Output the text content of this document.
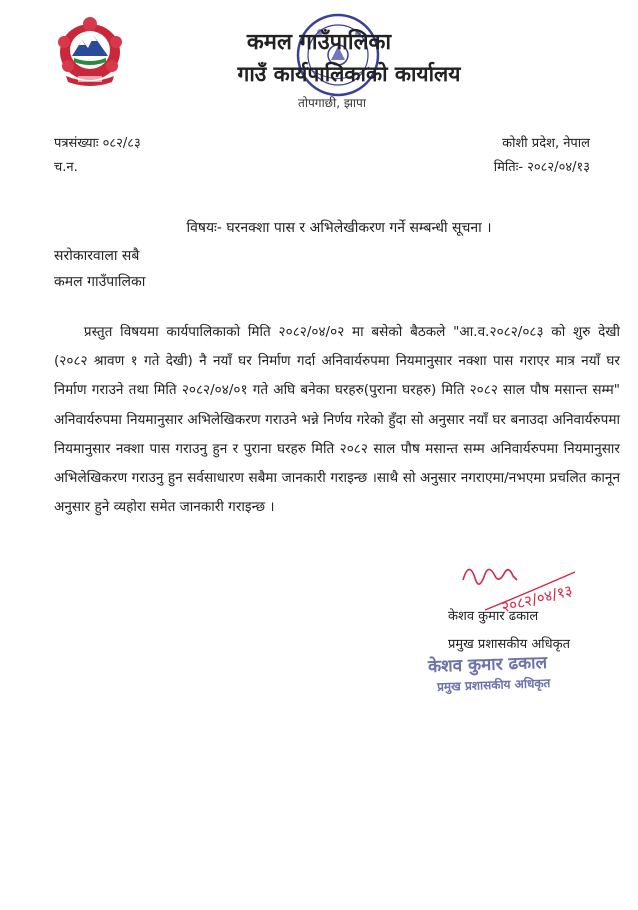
कमल गाउँपालिका
गाउँ कार्यपालिकाको कार्यालय
तोपगाछी, झापा
पत्रसंख्याः ०८२/८३
च.न.
कोशी प्रदेश, नेपाल
मितिः- २०८२/०४/१३
विषयः- घरनक्शा पास र अभिलेखीकरण गर्ने सम्बन्धी सूचना ।
सरोकारवाला सबै
कमल गाउँपालिका
प्रस्तुत विषयमा कार्यपालिकाको मिति २०८२/०४/०२ मा बसेको बैठकले "आ.व.२०८२/०८३ को शुरु देखी (२०८२ श्रावण १ गते देखी) नै नयाँ घर निर्माण गर्दा अनिवार्यरुपमा नियमानुसार नक्शा पास गराएर मात्र नयाँ घर निर्माण गराउने तथा मिति २०८२/०४/०१ गते अघि बनेका घरहरु(पुराना घरहरु) मिति २०८२ साल पौष मसान्त सम्म" अनिवार्यरुपमा नियमानुसार अभिलेखिकरण गराउने भन्ने निर्णय गरेको हुँदा सो अनुसार नयाँ घर बनाउदा अनिवार्यरुपमा नियमानुसार नक्शा पास गराउनु हुन र पुराना घरहरु मिति २०८२ साल पौष मसान्त सम्म अनिवार्यरुपमा नियमानुसार अभिलेखिकरण गराउनु हुन सर्वसाधारण सबैमा जानकारी गराइन्छ ।साथै सो अनुसार नगराएमा/नभएमा प्रचलित कानून अनुसार हुने व्यहोरा समेत जानकारी गराइन्छ ।
२०८२/०४/१३
केशव कुमार ढकाल
प्रमुख प्रशासकीय अधिकृत
केशव कुमार ढकाल
प्रमुख प्रशासकीय अधिकृत
